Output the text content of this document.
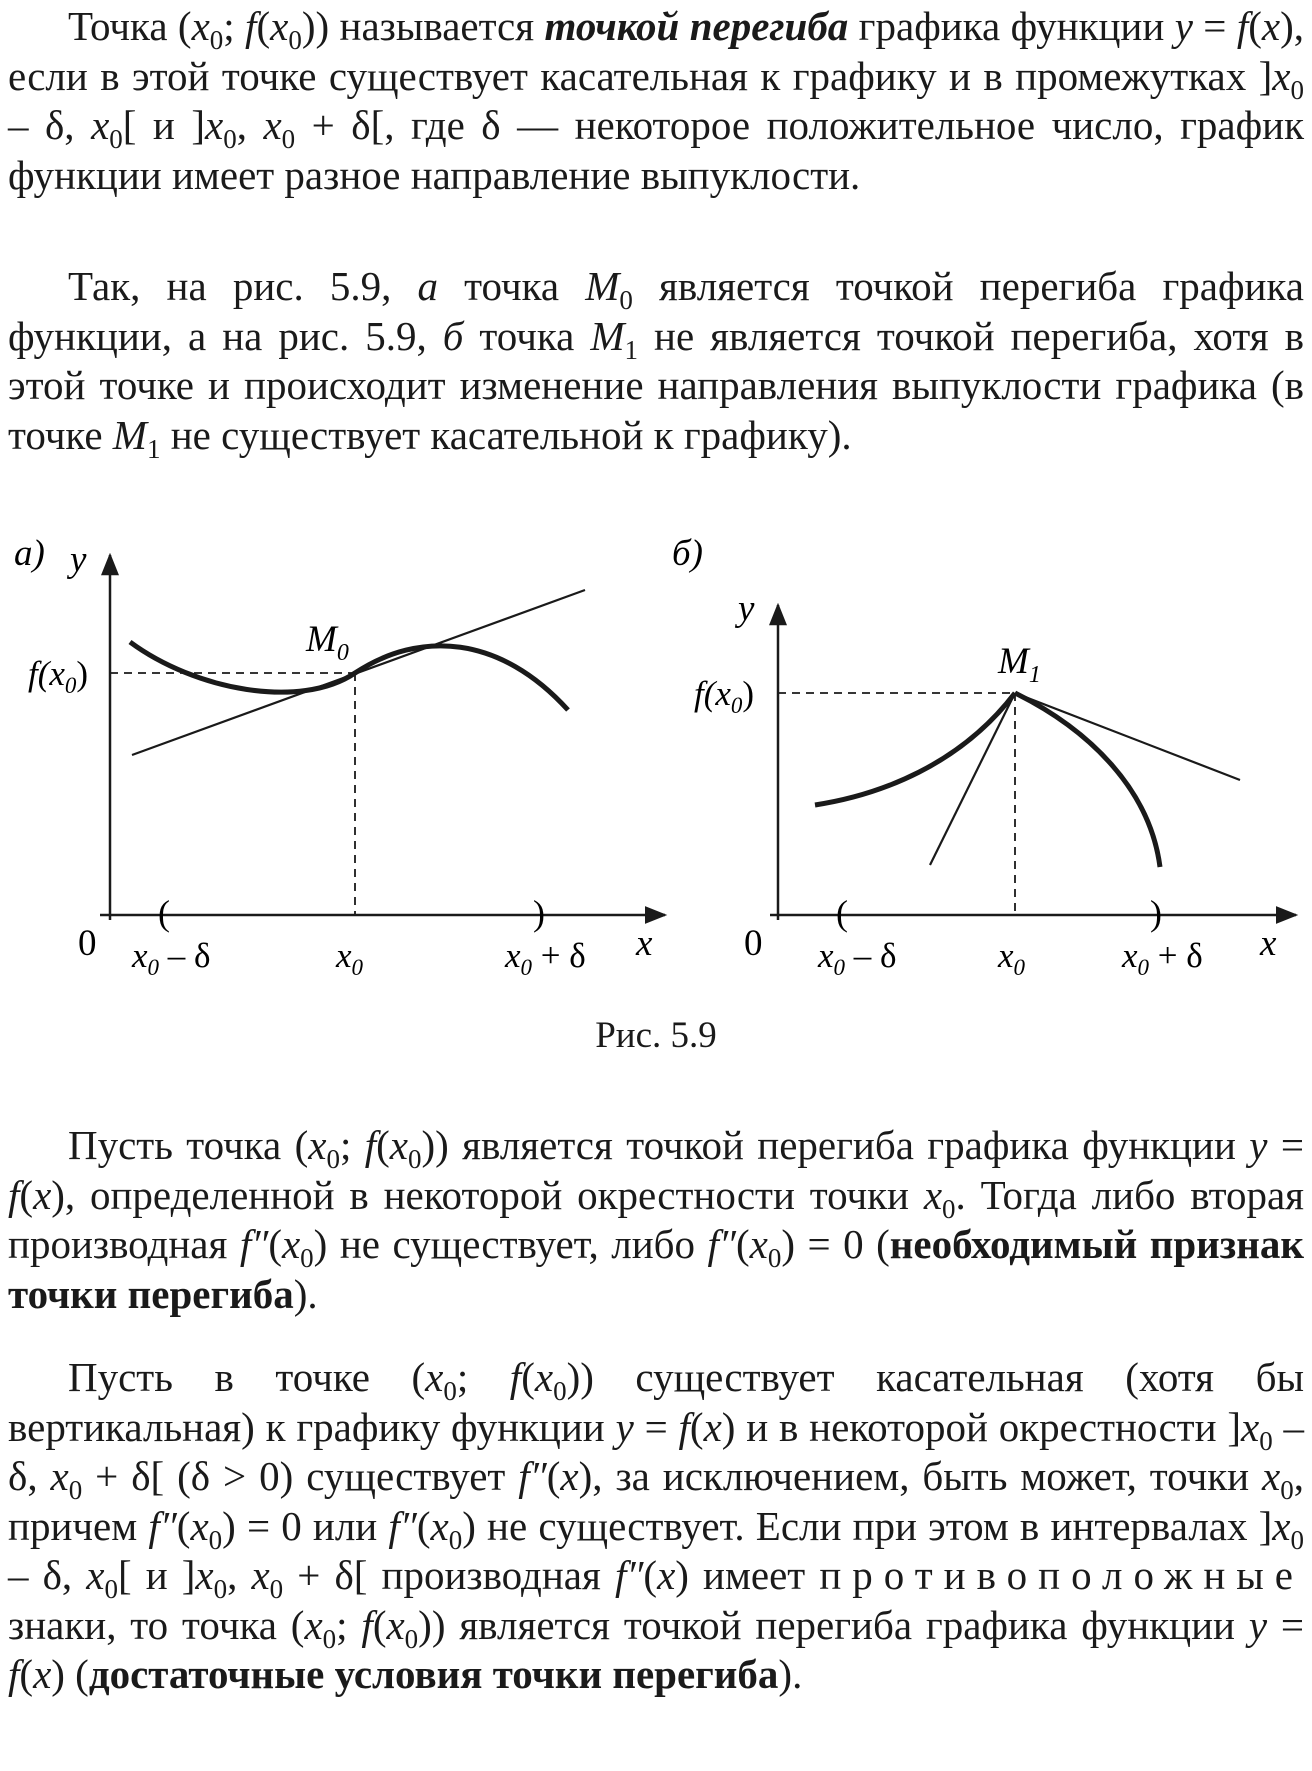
Точка ($x_0$; $f(x_0)$) называется точкой перегиба графика функции y = f(x), если в этой точке существует касательная к графику и в промежутках ]$x_0$ – δ, $x_0$[ и ]$x_0$, $x_0 + \delta$[, где δ — некоторое положительное число, график функции имеет разное направление выпуклости.

Так, на рис. 5.9, а точка $M_0$ является точкой перегиба графика функции, а на рис. 5.9, б точка $M_1$ не является точкой перегиба, хотя в этой точке и происходит изменение направления выпуклости графика (в точке $M_1$ не существует касательной к графику).

а) y
x
0
$f(x_0)$
$M_0$
(	)
$x_0$ – δ	$x_0$	$x_0 + \delta$
б)
y
x
0
$f(x_0)$
$M_1$
(	)
$x_0$ – δ	$x_0$	$x_0 + \delta$
Рис. 5.9

Пусть точка ($x_0$; $f(x_0)$) является точкой перегиба графика функции y = f(x), определенной в некоторой окрестности точки $x_0$. Тогда либо вторая производная $f''(x_0)$ не существует, либо $f''(x_0) = 0$ (необходимый признак точки перегиба).

Пусть в точке ($x_0$; $f(x_0)$) существует касательная (хотя бы вертикальная) к графику функции y = f(x) и в некоторой окрестности ]$x_0$ – δ, $x_0 + \delta$[ (δ > 0) существует f″(x), за исключением, быть может, точки $x_0$, причем $f''(x_0) = 0$ или $f''(x_0)$ не существует. Если при этом в интервалах ]$x_0$ – δ, $x_0$[ и ]$x_0$, $x_0 + \delta$[ производная f″(x) имеет противоположные знаки, то точка ($x_0$; $f(x_0)$) является точкой перегиба графика функции y = f(x) (достаточные условия точки перегиба).
